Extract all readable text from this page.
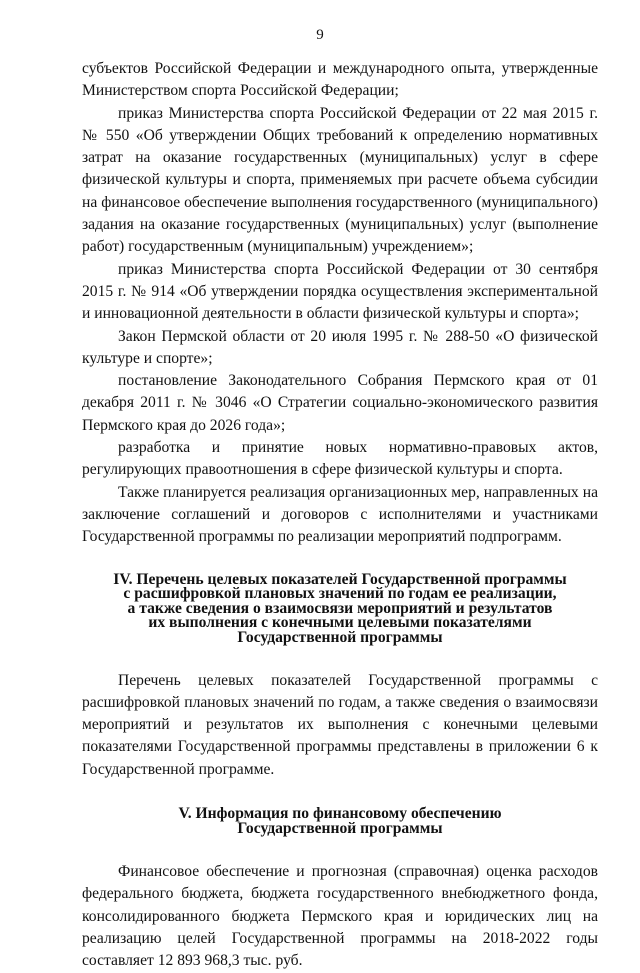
9

субъектов Российской Федерации и международного опыта, утвержденные Министерством спорта Российской Федерации;

приказ Министерства спорта Российской Федерации от 22 мая 2015 г. № 550 «Об утверждении Общих требований к определению нормативных затрат на оказание государственных (муниципальных) услуг в сфере физической культуры и спорта, применяемых при расчете объема субсидии на финансовое обеспечение выполнения государственного (муниципального) задания на оказание государственных (муниципальных) услуг (выполнение работ) государственным (муниципальным) учреждением»;

приказ Министерства спорта Российской Федерации от 30 сентября 2015 г. № 914 «Об утверждении порядка осуществления экспериментальной и инновационной деятельности в области физической культуры и спорта»;

Закон Пермской области от 20 июля 1995 г. № 288-50 «О физической культуре и спорте»;

постановление Законодательного Собрания Пермского края от 01 декабря 2011 г. № 3046 «О Стратегии социально-экономического развития Пермского края до 2026 года»;

разработка и принятие новых нормативно-правовых актов, регулирующих правоотношения в сфере физической культуры и спорта.

Также планируется реализация организационных мер, направленных на заключение соглашений и договоров с исполнителями и участниками Государственной программы по реализации мероприятий подпрограмм.

IV. Перечень целевых показателей Государственной программы

с расшифровкой плановых значений по годам ее реализации,

а также сведения о взаимосвязи мероприятий и результатов

их выполнения с конечными целевыми показателями

Государственной программы

Перечень целевых показателей Государственной программы с расшифровкой плановых значений по годам, а также сведения о взаимосвязи мероприятий и результатов их выполнения с конечными целевыми показателями Государственной программы представлены в приложении 6 к Государственной программе.

V. Информация по финансовому обеспечению

Государственной программы

Финансовое обеспечение и прогнозная (справочная) оценка расходов федерального бюджета, бюджета государственного внебюджетного фонда, консолидированного бюджета Пермского края и юридических лиц на реализацию целей Государственной программы на 2018-2022 годы составляет 12 893 968,3 тыс. руб.
